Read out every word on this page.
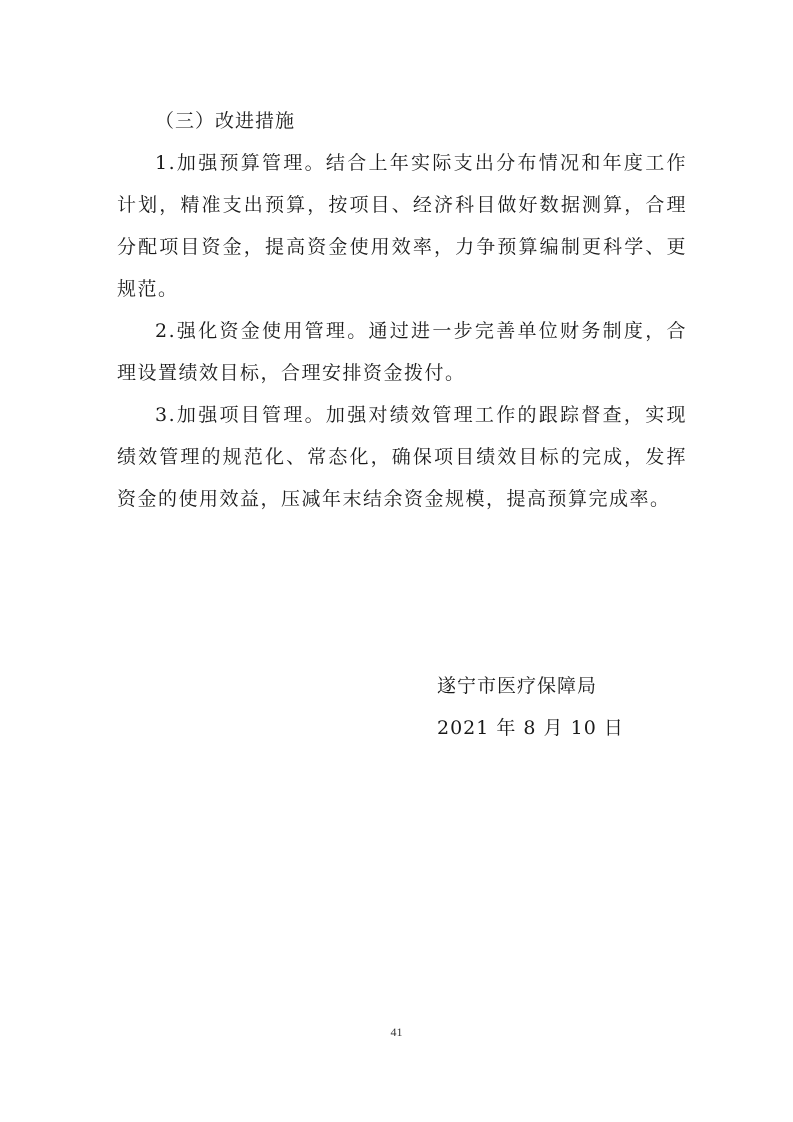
（三）改进措施

1.加强预算管理。结合上年实际支出分布情况和年度工作计划，精准支出预算，按项目、经济科目做好数据测算，合理分配项目资金，提高资金使用效率，力争预算编制更科学、更规范。

2.强化资金使用管理。通过进一步完善单位财务制度，合理设置绩效目标，合理安排资金拨付。

3.加强项目管理。加强对绩效管理工作的跟踪督查，实现绩效管理的规范化、常态化，确保项目绩效目标的完成，发挥资金的使用效益，压减年末结余资金规模，提高预算完成率。

遂宁市医疗保障局

2021 年 8 月 10 日

41
